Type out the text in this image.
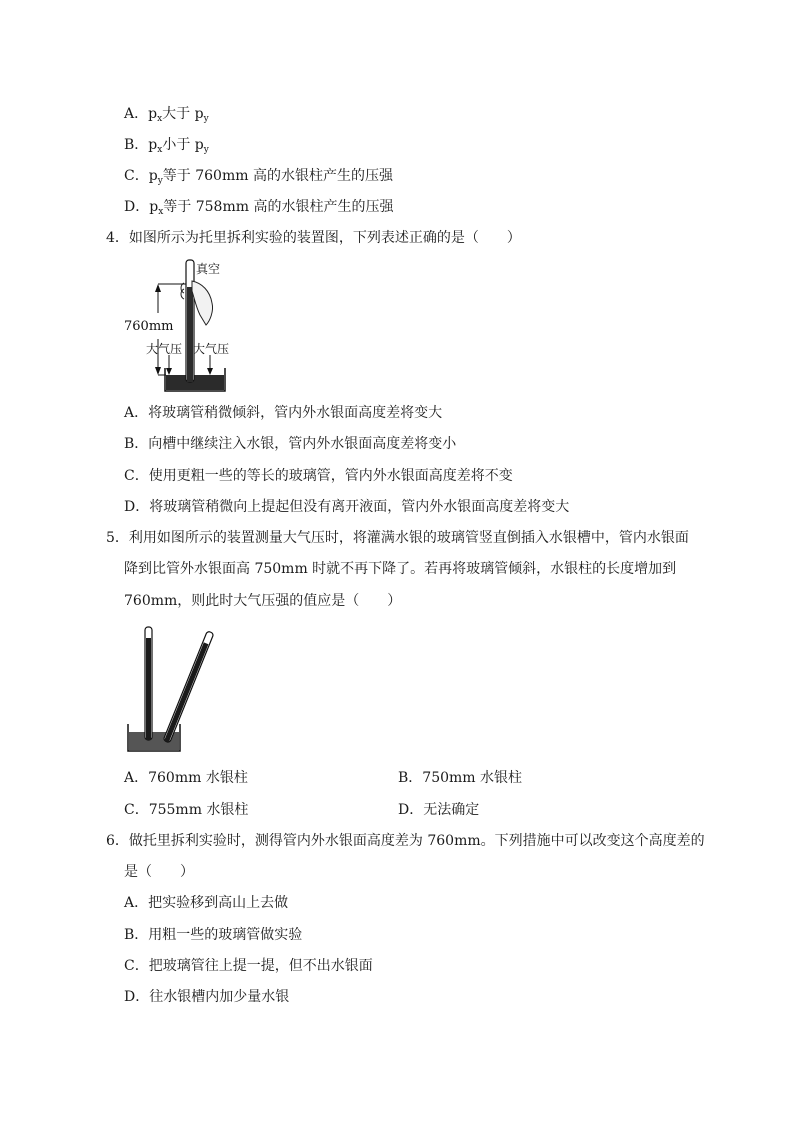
A．$p_x$大于 $p_y$
B．$p_x$小于 $p_y$
C．$p_y$等于 760mm 高的水银柱产生的压强
D．$p_x$等于 758mm 高的水银柱产生的压强
4．如图所示为托里拆利实验的装置图，下列表述正确的是（　　）
真空
760mm
大气压 大气压
A．将玻璃管稍微倾斜，管内外水银面高度差将变大
B．向槽中继续注入水银，管内外水银面高度差将变小
C．使用更粗一些的等长的玻璃管，管内外水银面高度差将不变
D．将玻璃管稍微向上提起但没有离开液面，管内外水银面高度差将变大
5．利用如图所示的装置测量大气压时，将灌满水银的玻璃管竖直倒插入水银槽中，管内水银面
降到比管外水银面高 750mm 时就不再下降了。若再将玻璃管倾斜，水银柱的长度增加到
760mm，则此时大气压强的值应是（　　）
A．760mm 水银柱	B．750mm 水银柱
C．755mm 水银柱	D．无法确定
6．做托里拆利实验时，测得管内外水银面高度差为 760mm。下列措施中可以改变这个高度差的
是（　　）
A．把实验移到高山上去做
B．用粗一些的玻璃管做实验
C．把玻璃管往上提一提，但不出水银面
D．往水银槽内加少量水银
